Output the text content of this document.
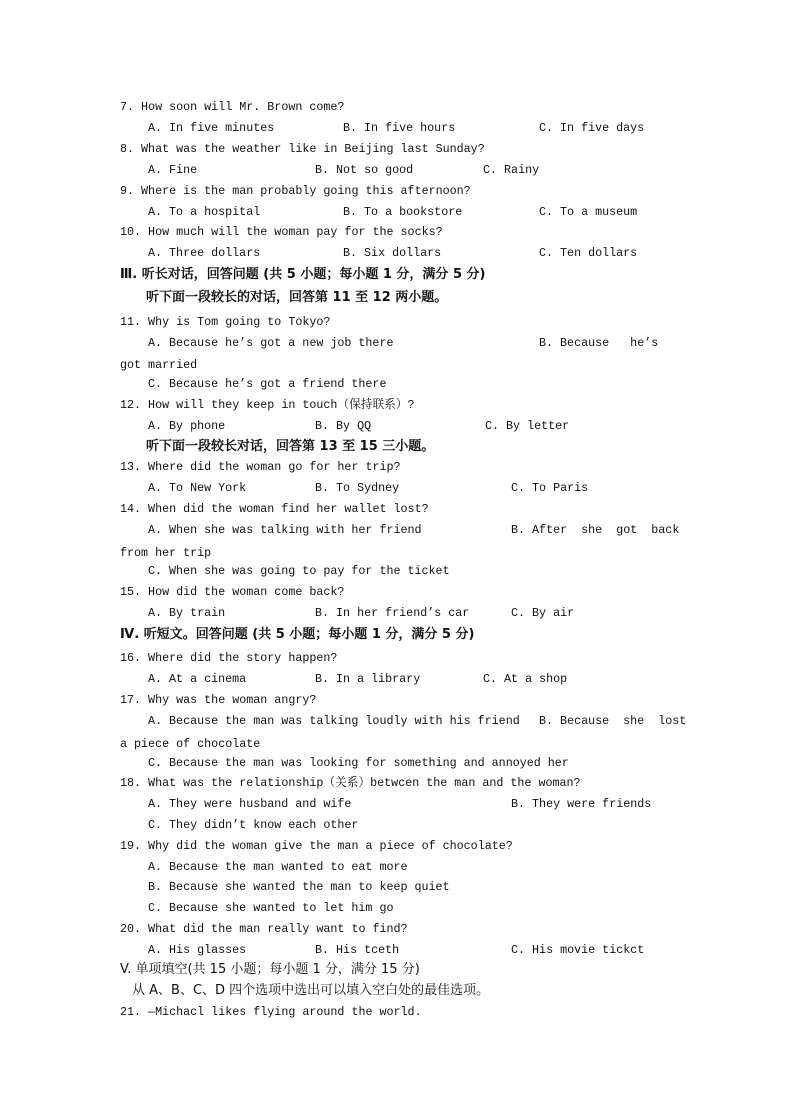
7. How soon will Mr. Brown come?
A. In five minutes	B. In five hours	C. In five days
8. What was the weather like in Beijing last Sunday?
A. Fine	B. Not so good	C. Rainy
9. Where is the man probably going this afternoon?
A. To a hospital	B. To a bookstore	C. To a museum
10. How much will the woman pay for the socks?
A. Three dollars	B. Six dollars	C. Ten dollars
Ⅲ. 听长对话，回答问题 (共 5 小题；每小题 1 分，满分 5 分)
听下面一段较长的对话，回答第 11 至 12 两小题。
11. Why is Tom going to Tokyo?
A. Because he’s got a new job there	B. Because   he’s
got married
C. Because he’s got a friend there
12. How will they keep in touch（保持联系）?
A. By phone	B. By QQ	C. By letter
听下面一段较长对话，回答第 13 至 15 三小题。
13. Where did the woman go for her trip?
A. To New York	B. To Sydney	C. To Paris
14. When did the woman find her wallet lost?
A. When she was talking with her friend	B. After  she  got  back
from her trip
C. When she was going to pay for the ticket
15. How did the woman come back?
A. By train	B. In her friend’s car	C. By air
Ⅳ. 听短文。回答问题 (共 5 小题；每小题 1 分，满分 5 分)
16. Where did the story happen?
A. At a cinema	B. In a library	C. At a shop
17. Why was the woman angry?
A. Because the man was talking loudly with his friend B. Because  she  lost
a piece of chocolate
C. Because the man was looking for something and annoyed her
18. What was the relationship（关系）betwcen the man and the woman?
A. They were husband and wife	B. They were friends
C. They didn’t know each other
19. Why did the woman give the man a piece of chocolate?
A. Because the man wanted to eat more
B. Because she wanted the man to keep quiet
C. Because she wanted to let him go
20. What did the man really want to find?
A. His glasses	B. His tceth	C. His movie tickct
V. 单项填空(共 15 小题；每小题 1 分，满分 15 分)
从 A、B、C、D 四个选项中选出可以填入空白处的最佳选项。
21. —Michacl likes flying around the world.
